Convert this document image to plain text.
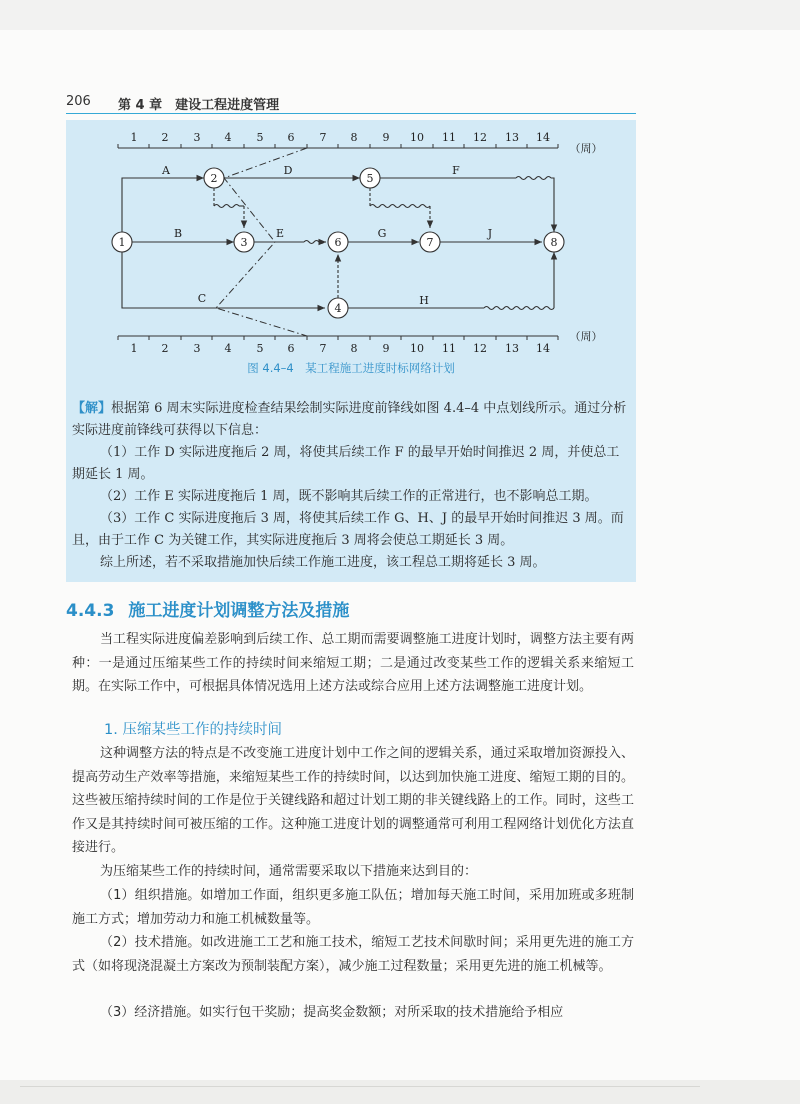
206 第 4 章　建设工程进度管理
1 2 3 4 5 6 7 8 9 10 11 12 13 14
（周）
1 2 3 4 5 6 7 8 9 10 11 12 13 14
（周）
1
2
3
4
5
6	7	8
A
B
C
D
E
F
G	J
H
图 4.4–4　某工程施工进度时标网络计划
【解】根据第 6 周末实际进度检查结果绘制实际进度前锋线如图 4.4–4 中点划线所示。通过分析实际进度前锋线可获得以下信息：
（1）工作 D 实际进度拖后 2 周，将使其后续工作 F 的最早开始时间推迟 2 周，并使总工期延长 1 周。
（2）工作 E 实际进度拖后 1 周，既不影响其后续工作的正常进行，也不影响总工期。
（3）工作 C 实际进度拖后 3 周，将使其后续工作 G、H、J 的最早开始时间推迟 3 周。而且，由于工作 C 为关键工作，其实际进度拖后 3 周将会使总工期延长 3 周。
综上所述，若不采取措施加快后续工作施工进度，该工程总工期将延长 3 周。
4.4.3 施工进度计划调整方法及措施
当工程实际进度偏差影响到后续工作、总工期而需要调整施工进度计划时，调整方法主要有两种：一是通过压缩某些工作的持续时间来缩短工期；二是通过改变某些工作的逻辑关系来缩短工期。在实际工作中，可根据具体情况选用上述方法或综合应用上述方法调整施工进度计划。
1. 压缩某些工作的持续时间
这种调整方法的特点是不改变施工进度计划中工作之间的逻辑关系，通过采取增加资源投入、提高劳动生产效率等措施，来缩短某些工作的持续时间，以达到加快施工进度、缩短工期的目的。这些被压缩持续时间的工作是位于关键线路和超过计划工期的非关键线路上的工作。同时，这些工作又是其持续时间可被压缩的工作。这种施工进度计划的调整通常可利用工程网络计划优化方法直接进行。
为压缩某些工作的持续时间，通常需要采取以下措施来达到目的：
（1）组织措施。如增加工作面，组织更多施工队伍；增加每天施工时间，采用加班或多班制施工方式；增加劳动力和施工机械数量等。
（2）技术措施。如改进施工工艺和施工技术，缩短工艺技术间歇时间；采用更先进的施工方式（如将现浇混凝土方案改为预制装配方案），减少施工过程数量；采用更先进的施工机械等。
（3）经济措施。如实行包干奖励；提高奖金数额；对所采取的技术措施给予相应
